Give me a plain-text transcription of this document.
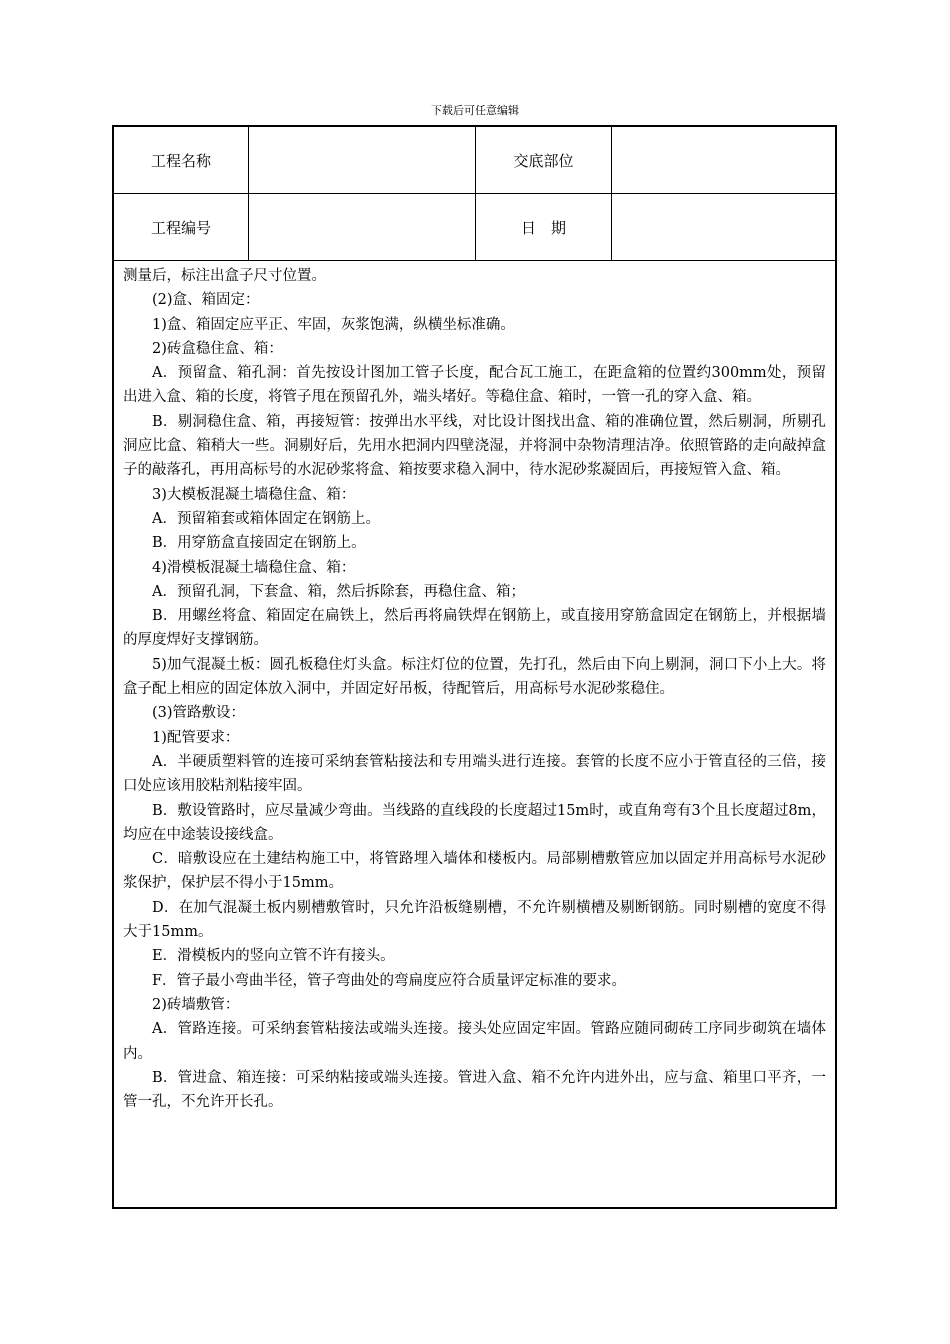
下载后可任意编辑
工程名称	交底部位
工程编号	日　期

测量后，标注出盒子尺寸位置。

(2)盒、箱固定：

1)盒、箱固定应平正、牢固，灰浆饱满，纵横坐标准确。

2)砖盒稳住盒、箱：

A．预留盒、箱孔洞：首先按设计图加工管子长度，配合瓦工施工，在距盒箱的位置约300mm处，预留出进入盒、箱的长度，将管子甩在预留孔外，端头堵好。等稳住盒、箱时，一管一孔的穿入盒、箱。

B．剔洞稳住盒、箱，再接短管：按弹出水平线，对比设计图找出盒、箱的准确位置，然后剔洞，所剔孔洞应比盒、箱稍大一些。洞剔好后，先用水把洞内四壁浇湿，并将洞中杂物清理洁净。依照管路的走向敲掉盒子的敲落孔，再用高标号的水泥砂浆将盒、箱按要求稳入洞中，待水泥砂浆凝固后，再接短管入盒、箱。

3)大模板混凝土墙稳住盒、箱：

A．预留箱套或箱体固定在钢筋上。

B．用穿筋盒直接固定在钢筋上。

4)滑模板混凝土墙稳住盒、箱：

A．预留孔洞，下套盒、箱，然后拆除套，再稳住盒、箱；

B．用螺丝将盒、箱固定在扁铁上，然后再将扁铁焊在钢筋上，或直接用穿筋盒固定在钢筋上，并根据墙的厚度焊好支撑钢筋。

5)加气混凝土板：圆孔板稳住灯头盒。标注灯位的位置，先打孔，然后由下向上剔洞，洞口下小上大。将盒子配上相应的固定体放入洞中，并固定好吊板，待配管后，用高标号水泥砂浆稳住。

(3)管路敷设：

1)配管要求：

A．半硬质塑料管的连接可采纳套管粘接法和专用端头进行连接。套管的长度不应小于管直径的三倍，接口处应该用胶粘剂粘接牢固。

B．敷设管路时，应尽量减少弯曲。当线路的直线段的长度超过15m时，或直角弯有3个且长度超过8m，均应在中途装设接线盒。

C．暗敷设应在土建结构施工中，将管路埋入墙体和楼板内。局部剔槽敷管应加以固定并用高标号水泥砂浆保护，保护层不得小于15mm。

D．在加气混凝土板内剔槽敷管时，只允许沿板缝剔槽，不允许剔横槽及剔断钢筋。同时剔槽的宽度不得大于15mm。

E．滑模板内的竖向立管不许有接头。

F．管子最小弯曲半径，管子弯曲处的弯扁度应符合质量评定标准的要求。

2)砖墙敷管：

A．管路连接。可采纳套管粘接法或端头连接。接头处应固定牢固。管路应随同砌砖工序同步砌筑在墙体内。

B．管进盒、箱连接：可采纳粘接或端头连接。管进入盒、箱不允许内进外出，应与盒、箱里口平齐，一管一孔，不允许开长孔。
